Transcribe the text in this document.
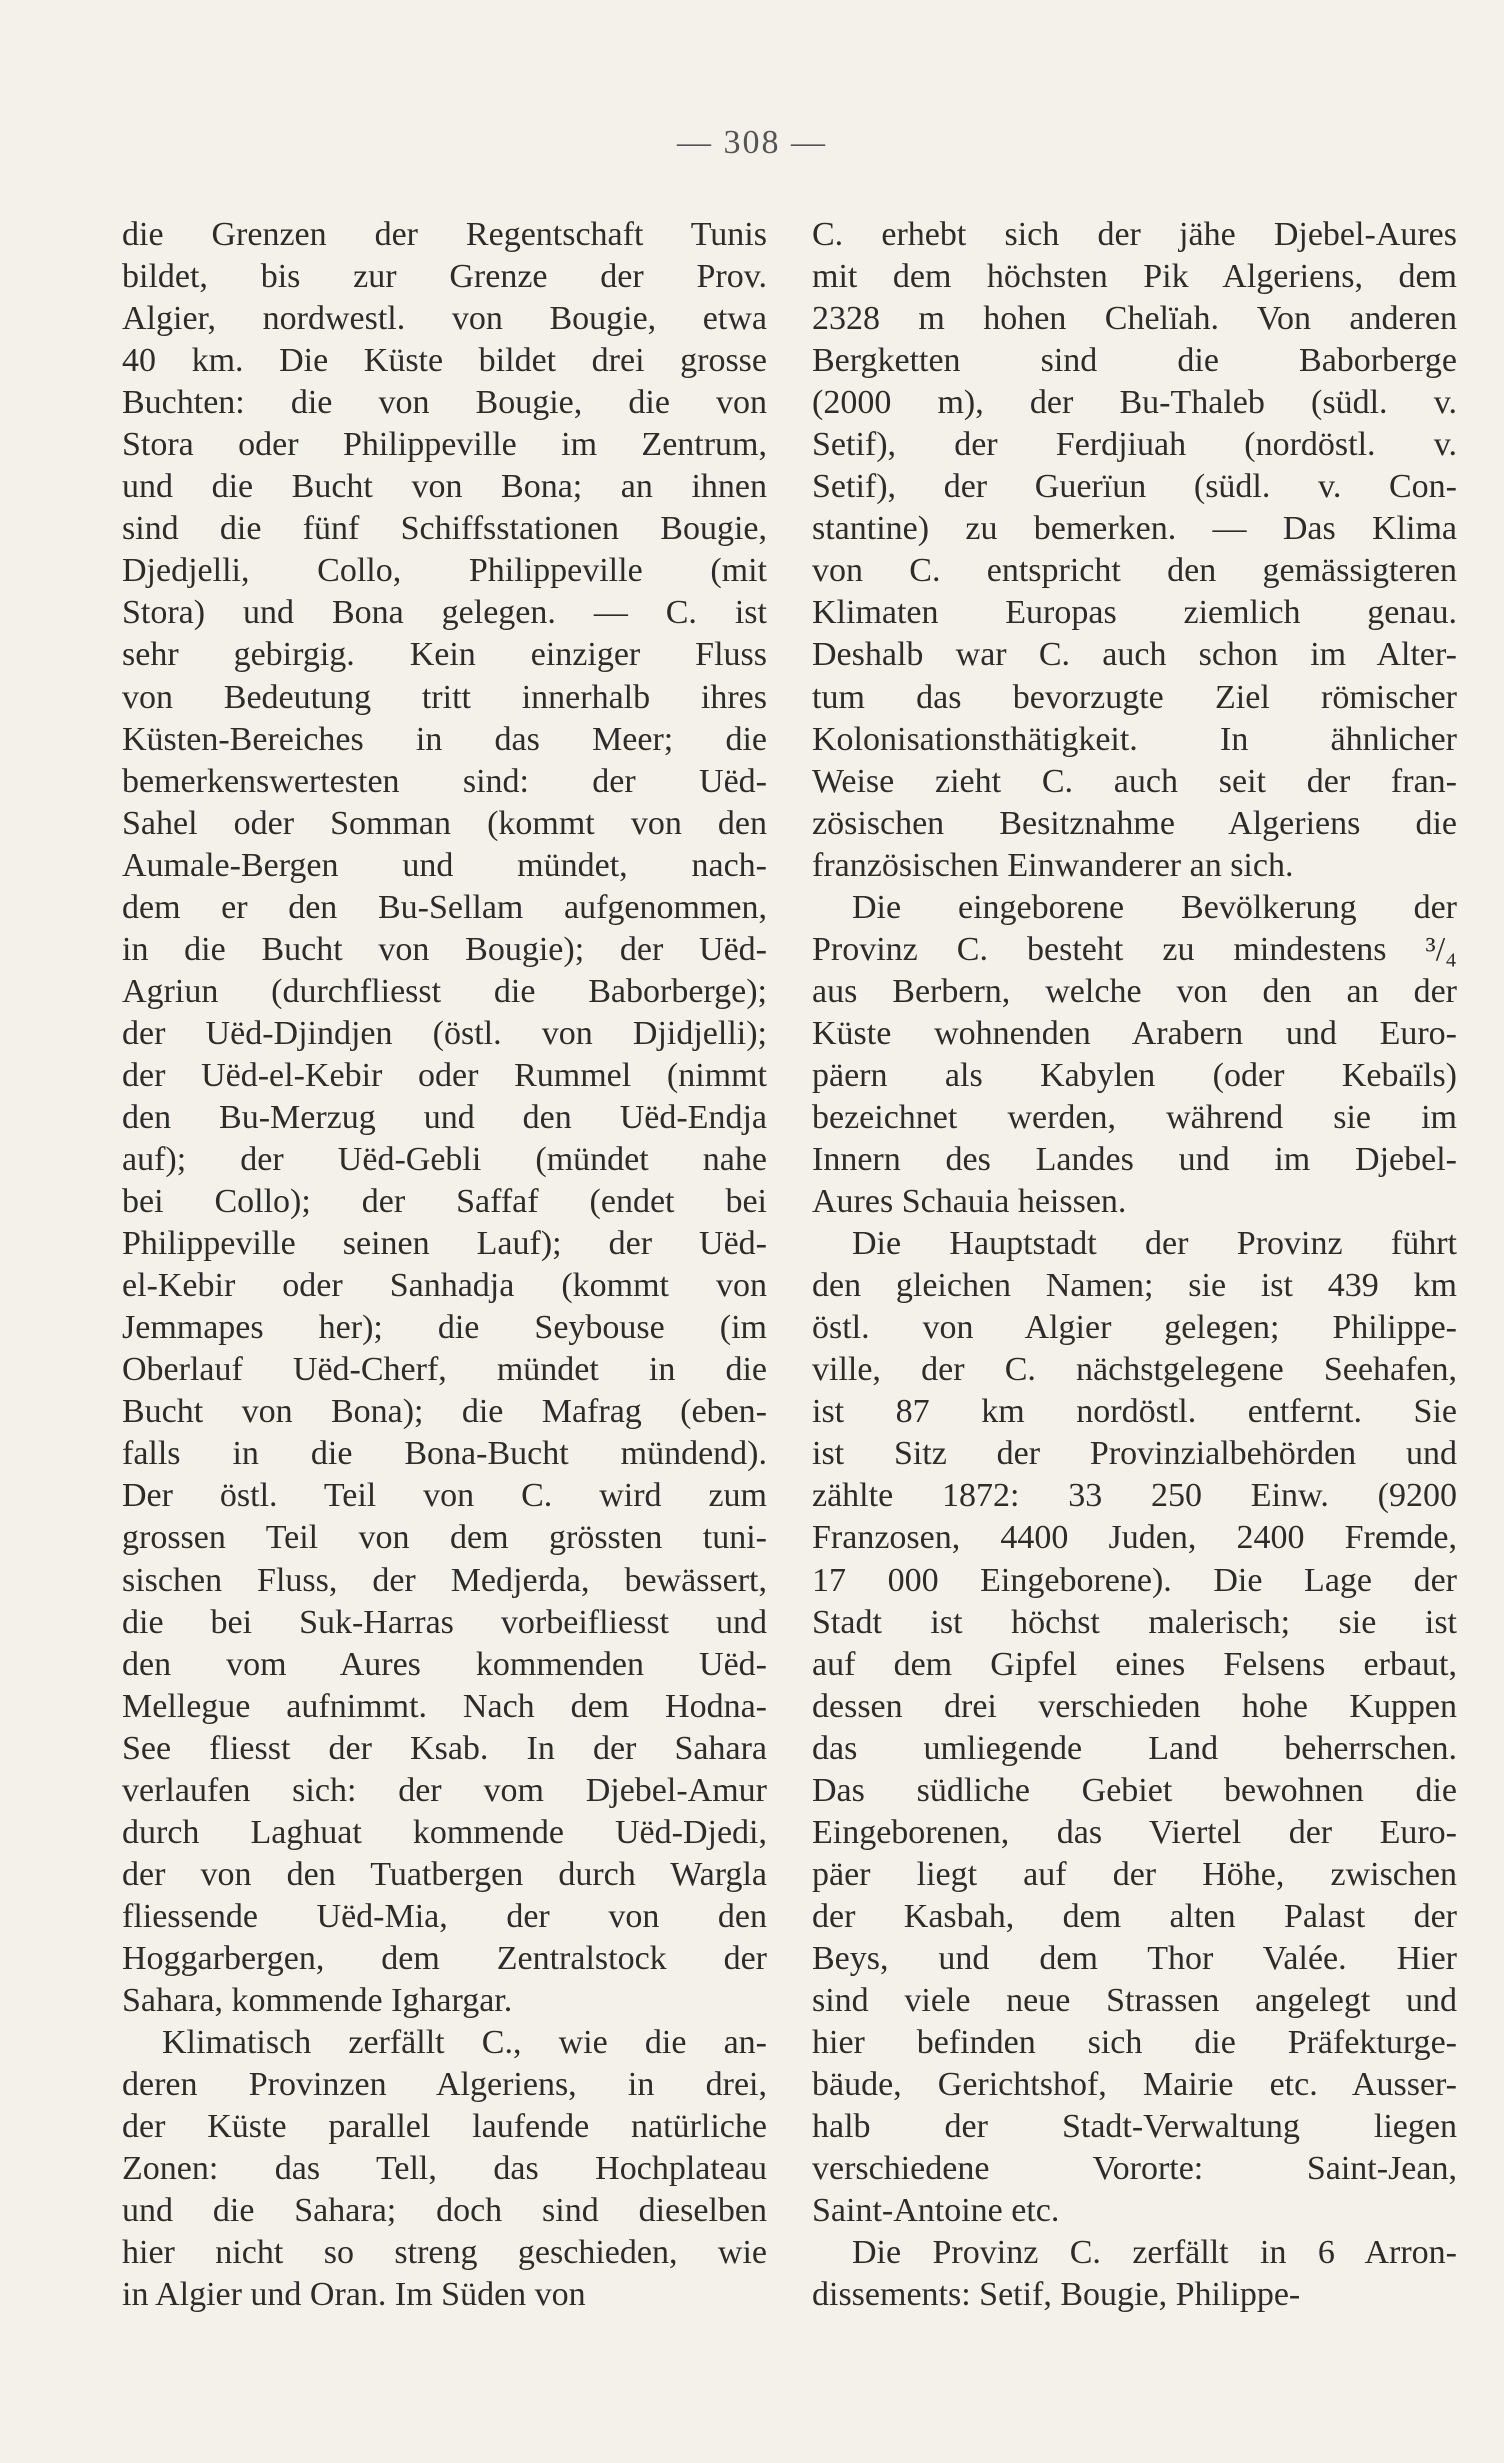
— 308 —
die Grenzen der Regentschaft Tunis
bildet, bis zur Grenze der Prov.
Algier, nordwestl. von Bougie, etwa
40 km. Die Küste bildet drei grosse
Buchten: die von Bougie, die von
Stora oder Philippeville im Zentrum,
und die Bucht von Bona; an ihnen
sind die fünf Schiffsstationen Bougie,
Djedjelli, Collo, Philippeville (mit
Stora) und Bona gelegen. — C. ist
sehr gebirgig. Kein einziger Fluss
von Bedeutung tritt innerhalb ihres
Küsten-Bereiches in das Meer; die
bemerkenswertesten sind: der Uëd-
Sahel oder Somman (kommt von den
Aumale-Bergen und mündet, nach-
dem er den Bu-Sellam aufgenommen,
in die Bucht von Bougie); der Uëd-
Agriun (durchfliesst die Baborberge);
der Uëd-Djindjen (östl. von Djidjelli);
der Uëd-el-Kebir oder Rummel (nimmt
den Bu-Merzug und den Uëd-Endja
auf); der Uëd-Gebli (mündet nahe
bei Collo); der Saffaf (endet bei
Philippeville seinen Lauf); der Uëd-
el-Kebir oder Sanhadja (kommt von
Jemmapes her); die Seybouse (im
Oberlauf Uëd-Cherf, mündet in die
Bucht von Bona); die Mafrag (eben-
falls in die Bona-Bucht mündend).
Der östl. Teil von C. wird zum
grossen Teil von dem grössten tuni-
sischen Fluss, der Medjerda, bewässert,
die bei Suk-Harras vorbeifliesst und
den vom Aures kommenden Uëd-
Mellegue aufnimmt. Nach dem Hodna-
See fliesst der Ksab. In der Sahara
verlaufen sich: der vom Djebel-Amur
durch Laghuat kommende Uëd-Djedi,
der von den Tuatbergen durch Wargla
fliessende Uëd-Mia, der von den
Hoggarbergen, dem Zentralstock der
Sahara, kommende Ighargar.
Klimatisch zerfällt C., wie die an-
deren Provinzen Algeriens, in drei,
der Küste parallel laufende natürliche
Zonen: das Tell, das Hochplateau
und die Sahara; doch sind dieselben
hier nicht so streng geschieden, wie
in Algier und Oran. Im Süden von
C. erhebt sich der jähe Djebel-Aures
mit dem höchsten Pik Algeriens, dem
2328 m hohen Chelïah. Von anderen
Bergketten sind die Baborberge
(2000 m), der Bu-Thaleb (südl. v.
Setif), der Ferdjiuah (nordöstl. v.
Setif), der Guerïun (südl. v. Con-
stantine) zu bemerken. — Das Klima
von C. entspricht den gemässigteren
Klimaten Europas ziemlich genau.
Deshalb war C. auch schon im Alter-
tum das bevorzugte Ziel römischer
Kolonisationsthätigkeit. In ähnlicher
Weise zieht C. auch seit der fran-
zösischen Besitznahme Algeriens die
französischen Einwanderer an sich.
Die eingeborene Bevölkerung der
Provinz C. besteht zu mindestens ³/₄
aus Berbern, welche von den an der
Küste wohnenden Arabern und Euro-
päern als Kabylen (oder Kebaïls)
bezeichnet werden, während sie im
Innern des Landes und im Djebel-
Aures Schauia heissen.
Die Hauptstadt der Provinz führt
den gleichen Namen; sie ist 439 km
östl. von Algier gelegen; Philippe-
ville, der C. nächstgelegene Seehafen,
ist 87 km nordöstl. entfernt. Sie
ist Sitz der Provinzialbehörden und
zählte 1872: 33 250 Einw. (9200
Franzosen, 4400 Juden, 2400 Fremde,
17 000 Eingeborene). Die Lage der
Stadt ist höchst malerisch; sie ist
auf dem Gipfel eines Felsens erbaut,
dessen drei verschieden hohe Kuppen
das umliegende Land beherrschen.
Das südliche Gebiet bewohnen die
Eingeborenen, das Viertel der Euro-
päer liegt auf der Höhe, zwischen
der Kasbah, dem alten Palast der
Beys, und dem Thor Valée. Hier
sind viele neue Strassen angelegt und
hier befinden sich die Präfekturge-
bäude, Gerichtshof, Mairie etc. Ausser-
halb der Stadt-Verwaltung liegen
verschiedene Vororte: Saint-Jean,
Saint-Antoine etc.
Die Provinz C. zerfällt in 6 Arron-
dissements: Setif, Bougie, Philippe-
